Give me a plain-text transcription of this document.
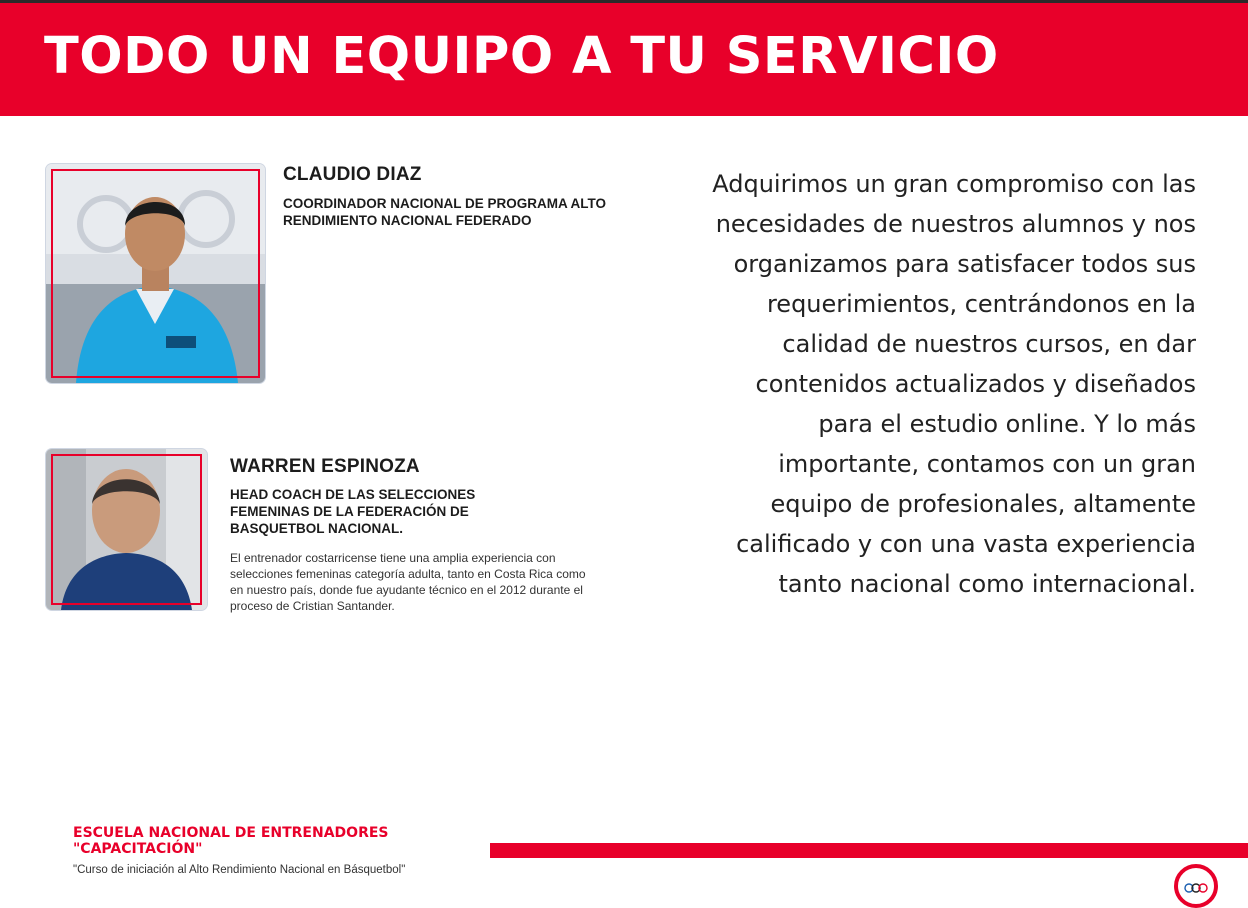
TODO UN EQUIPO A TU SERVICIO
CLAUDIO DIAZ

COORDINADOR NACIONAL DE PROGRAMA ALTO RENDIMIENTO NACIONAL FEDERADO

WARREN ESPINOZA

HEAD COACH DE LAS SELECCIONES FEMENINAS DE LA FEDERACIÓN DE BASQUETBOL NACIONAL.

El entrenador costarricense tiene una amplia experiencia con selecciones femeninas categoría adulta, tanto en Costa Rica como en nuestro país, donde fue ayudante técnico en el 2012 durante el proceso de Cristian Santander.

Adquirimos un gran compromiso con las necesidades de nuestros alumnos y nos organizamos para satisfacer todos sus requerimientos, centrándonos en la calidad de nuestros cursos, en dar contenidos actualizados y diseñados para el estudio online. Y lo más importante, contamos con un gran equipo de profesionales, altamente calificado y con una vasta experiencia tanto nacional como internacional.

ESCUELA NACIONAL DE ENTRENADORES
"CAPACITACIÓN"

"Curso de iniciación al Alto Rendimiento Nacional en Básquetbol"
